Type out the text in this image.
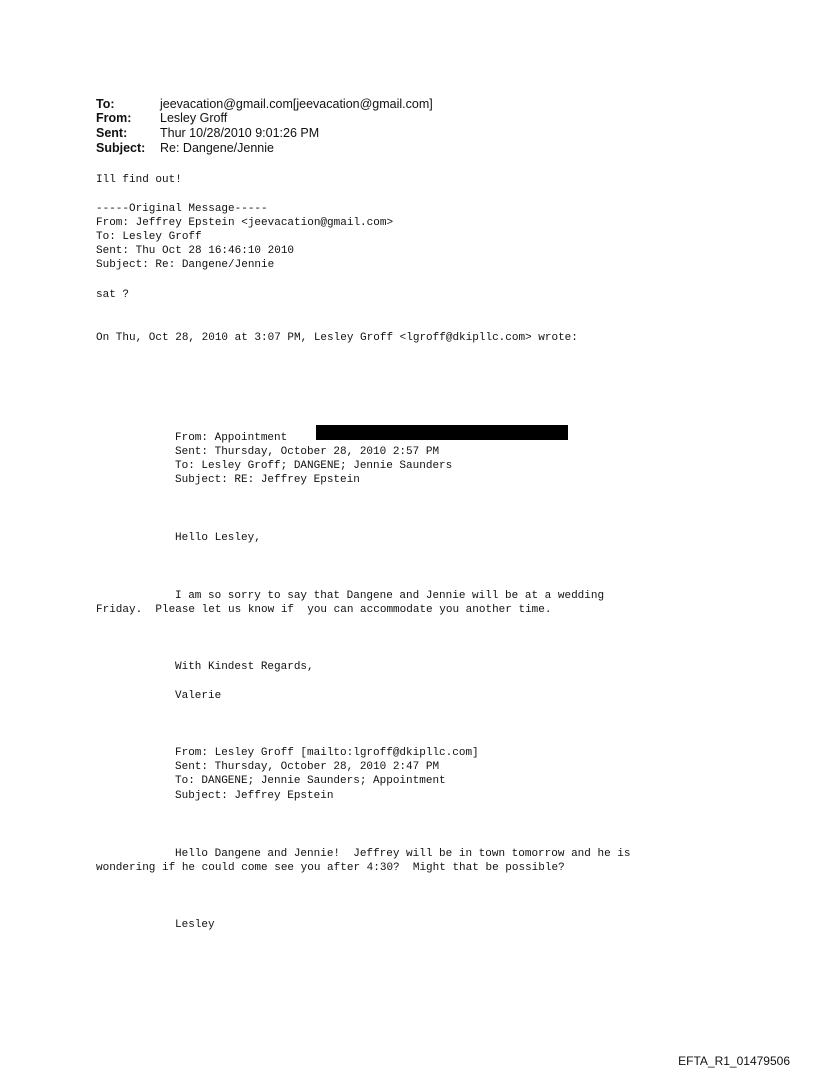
To:	jeevacation@gmail.com[jeevacation@gmail.com]
From: Lesley Groff
Sent:	Thur 10/28/2010 9:01:26 PM
Subject: Re: Dangene/Jennie
Ill find out!
-----Original Message-----
From: Jeffrey Epstein <jeevacation@gmail.com>
To: Lesley Groff
Sent: Thu Oct 28 16:46:10 2010
Subject: Re: Dangene/Jennie
sat ?
On Thu, Oct 28, 2010 at 3:07 PM, Lesley Groff <lgroff@dkipllc.com> wrote:
From: Appointment
Sent: Thursday, October 28, 2010 2:57 PM
To: Lesley Groff; DANGENE; Jennie Saunders
Subject: RE: Jeffrey Epstein
Hello Lesley,
I am so sorry to say that Dangene and Jennie will be at a wedding
Friday.  Please let us know if  you can accommodate you another time.
With Kindest Regards,
Valerie
From: Lesley Groff [mailto:lgroff@dkipllc.com]
Sent: Thursday, October 28, 2010 2:47 PM
To: DANGENE; Jennie Saunders; Appointment
Subject: Jeffrey Epstein
Hello Dangene and Jennie!  Jeffrey will be in town tomorrow and he is
wondering if he could come see you after 4:30?  Might that be possible?
Lesley
EFTA_R1_01479506
